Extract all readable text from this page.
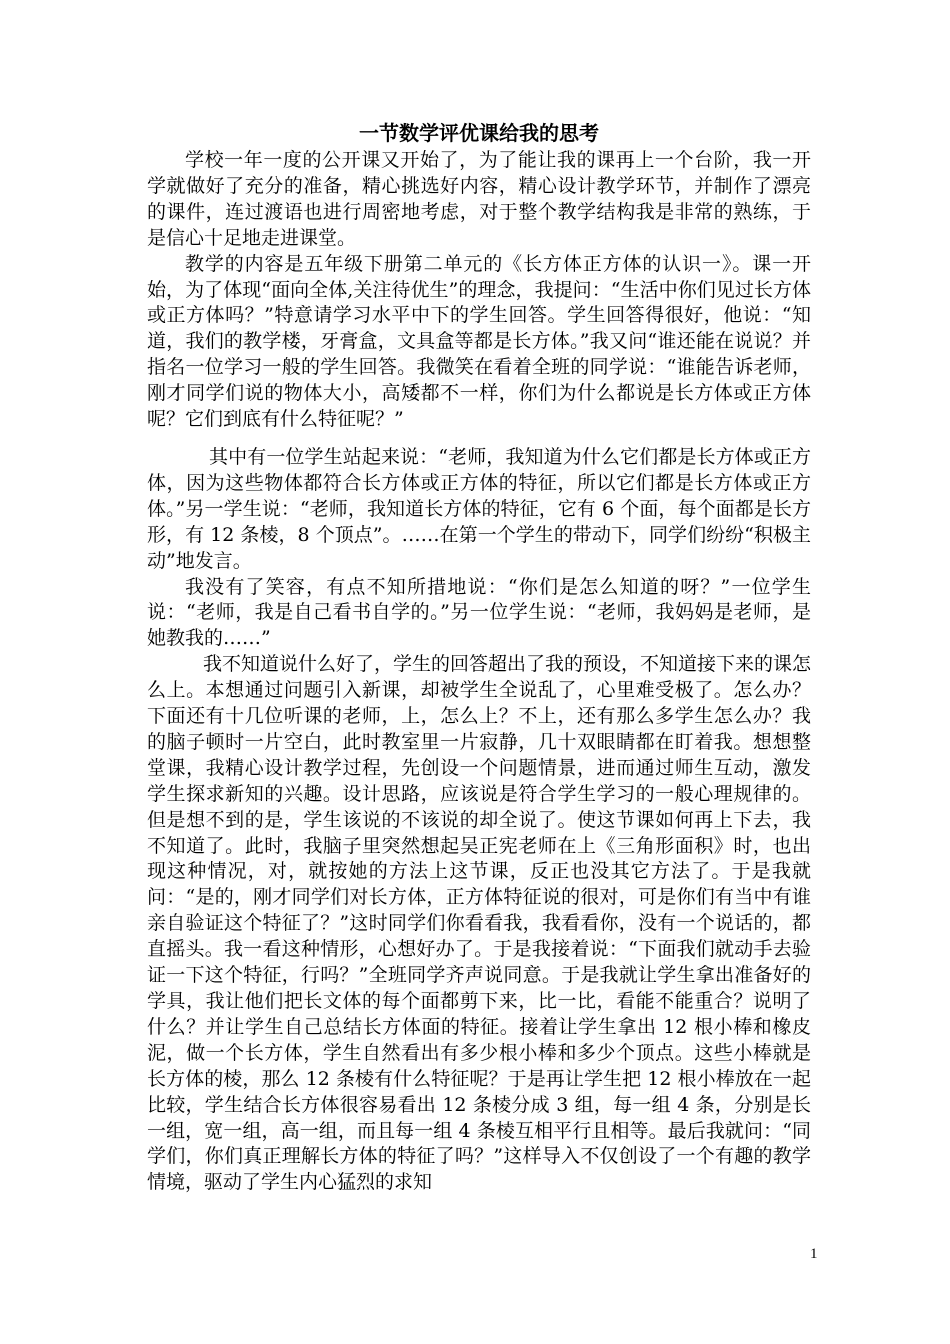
一节数学评优课给我的思考

学校一年一度的公开课又开始了，为了能让我的课再上一个台阶，我一开学就做好了充分的准备，精心挑选好内容，精心设计教学环节，并制作了漂亮的课件，连过渡语也进行周密地考虑，对于整个教学结构我是非常的熟练，于是信心十足地走进课堂。

教学的内容是五年级下册第二单元的《长方体正方体的认识一》。课一开始，为了体现“面向全体,关注待优生”的理念，我提问：“生活中你们见过长方体或正方体吗？”特意请学习水平中下的学生回答。学生回答得很好，他说：“知道，我们的教学楼，牙膏盒，文具盒等都是长方体。”我又问“谁还能在说说？并指名一位学习一般的学生回答。我微笑在看着全班的同学说：“谁能告诉老师，刚才同学们说的物体大小，高矮都不一样，你们为什么都说是长方体或正方体呢？它们到底有什么特征呢？”

其中有一位学生站起来说：“老师，我知道为什么它们都是长方体或正方体，因为这些物体都符合长方体或正方体的特征，所以它们都是长方体或正方体。”另一学生说：“老师，我知道长方体的特征，它有 6 个面，每个面都是长方形，有 12 条棱，8 个顶点”。……在第一个学生的带动下，同学们纷纷“积极主动”地发言。

我没有了笑容，有点不知所措地说：“你们是怎么知道的呀？”一位学生说：“老师，我是自己看书自学的。”另一位学生说：“老师，我妈妈是老师，是她教我的……”

我不知道说什么好了，学生的回答超出了我的预设，不知道接下来的课怎么上。本想通过问题引入新课，却被学生全说乱了，心里难受极了。怎么办？下面还有十几位听课的老师，上，怎么上？不上，还有那么多学生怎么办？我的脑子顿时一片空白，此时教室里一片寂静，几十双眼睛都在盯着我。想想整堂课，我精心设计教学过程，先创设一个问题情景，进而通过师生互动，激发学生探求新知的兴趣。设计思路，应该说是符合学生学习的一般心理规律的。但是想不到的是，学生该说的不该说的却全说了。使这节课如何再上下去，我不知道了。此时，我脑子里突然想起吴正宪老师在上《三角形面积》时，也出现这种情况，对，就按她的方法上这节课，反正也没其它方法了。于是我就问：“是的，刚才同学们对长方体，正方体特征说的很对，可是你们有当中有谁亲自验证这个特征了？”这时同学们你看看我，我看看你，没有一个说话的，都直摇头。我一看这种情形，心想好办了。于是我接着说：“下面我们就动手去验证一下这个特征，行吗？”全班同学齐声说同意。于是我就让学生拿出准备好的学具，我让他们把长文体的每个面都剪下来，比一比，看能不能重合？说明了什么？并让学生自己总结长方体面的特征。接着让学生拿出 12 根小棒和橡皮泥，做一个长方体，学生自然看出有多少根小棒和多少个顶点。这些小棒就是长方体的棱，那么 12 条棱有什么特征呢？于是再让学生把 12 根小棒放在一起比较，学生结合长方体很容易看出 12 条棱分成 3 组，每一组 4 条，分别是长一组，宽一组，高一组，而且每一组 4 条棱互相平行且相等。最后我就问：“同学们，你们真正理解长方体的特征了吗？”这样导入不仅创设了一个有趣的教学情境，驱动了学生内心猛烈的求知

1
